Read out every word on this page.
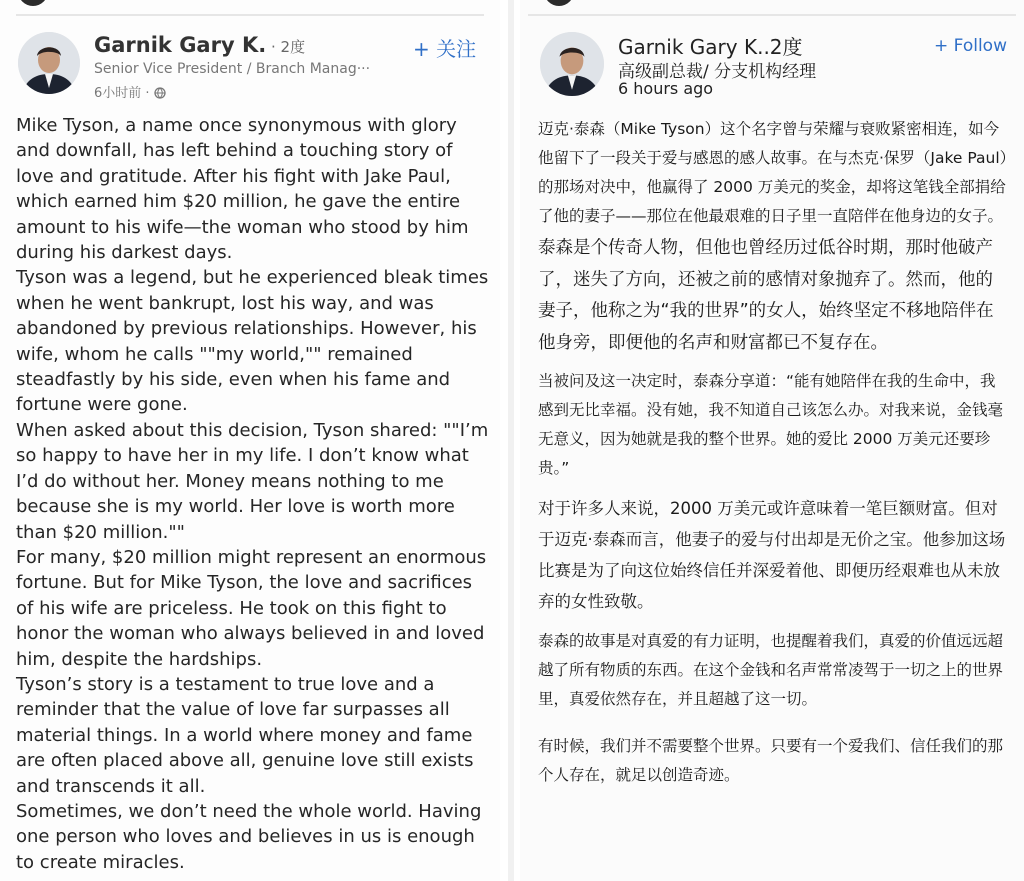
Garnik Gary K. · 2度
Senior Vice President / Branch Manag···
6小时前 ·
+ 关注

Mike Tyson, a name once synonymous with glory and downfall, has left behind a touching story of love and gratitude. After his fight with Jake Paul, which earned him $20 million, he gave the entire amount to his wife—the woman who stood by him during his darkest days.

Tyson was a legend, but he experienced bleak times when he went bankrupt, lost his way, and was abandoned by previous relationships. However, his wife, whom he calls ""my world,"" remained steadfastly by his side, even when his fame and fortune were gone.

When asked about this decision, Tyson shared: ""I’m so happy to have her in my life. I don’t know what I’d do without her. Money means nothing to me because she is my world. Her love is worth more than $20 million.""

For many, $20 million might represent an enormous fortune. But for Mike Tyson, the love and sacrifices of his wife are priceless. He took on this fight to honor the woman who always believed in and loved him, despite the hardships.

Tyson’s story is a testament to true love and a reminder that the value of love far surpasses all material things. In a world where money and fame are often placed above all, genuine love still exists and transcends it all.

Sometimes, we don’t need the whole world. Having one person who loves and believes in us is enough to create miracles.

Garnik Gary K..2度
高级副总裁/ 分支机构经理
6 hours ago
+ Follow

迈克·泰森（Mike Tyson）这个名字曾与荣耀与衰败紧密相连，如今他留下了一段关于爱与感恩的感人故事。在与杰克·保罗（Jake Paul）的那场对决中，他赢得了 2000 万美元的奖金，却将这笔钱全部捐给了他的妻子——那位在他最艰难的日子里一直陪伴在他身边的女子。

泰森是个传奇人物，但他也曾经历过低谷时期，那时他破产了，迷失了方向，还被之前的感情对象抛弃了。然而，他的妻子，他称之为“我的世界”的女人，始终坚定不移地陪伴在他身旁，即便他的名声和财富都已不复存在。

当被问及这一决定时，泰森分享道：“能有她陪伴在我的生命中，我感到无比幸福。没有她，我不知道自己该怎么办。对我来说，金钱毫无意义，因为她就是我的整个世界。她的爱比 2000 万美元还要珍贵。”

对于许多人来说，2000 万美元或许意味着一笔巨额财富。但对于迈克·泰森而言，他妻子的爱与付出却是无价之宝。他参加这场比赛是为了向这位始终信任并深爱着他、即便历经艰难也从未放弃的女性致敬。

泰森的故事是对真爱的有力证明，也提醒着我们，真爱的价值远远超越了所有物质的东西。在这个金钱和名声常常凌驾于一切之上的世界里，真爱依然存在，并且超越了这一切。

有时候，我们并不需要整个世界。只要有一个爱我们、信任我们的那个人存在，就足以创造奇迹。
